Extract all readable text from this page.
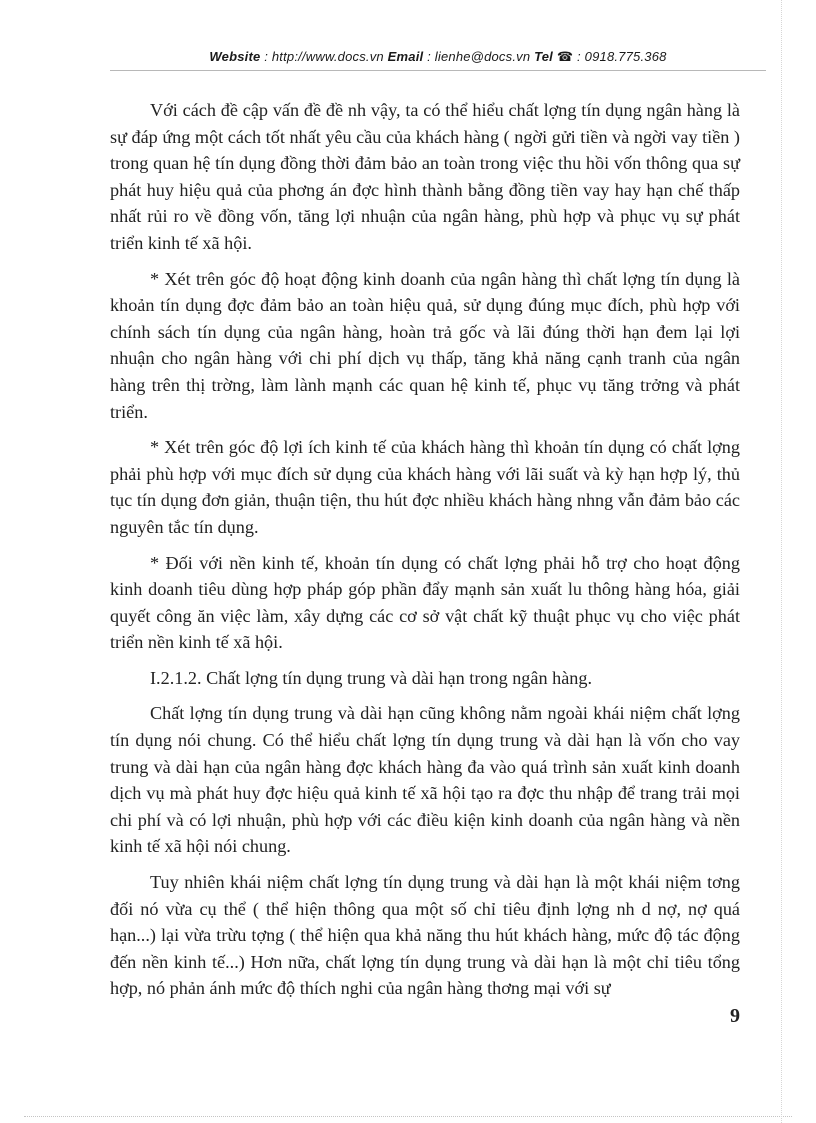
Website : http://www.docs.vn Email : lienhe@docs.vn Tel ☎ : 0918.775.368

Với cách đề cập vấn đề đề nh vậy, ta có thể hiểu chất lợng tín dụng ngân hàng là sự đáp ứng một cách tốt nhất yêu cầu của khách hàng ( ngời gửi tiền và ngời vay tiền ) trong quan hệ tín dụng đồng thời đảm bảo an toàn trong việc thu hồi vốn thông qua sự phát huy hiệu quả của phơng án đợc hình thành bằng đồng tiền vay hay hạn chế thấp nhất rủi ro về đồng vốn, tăng lợi nhuận của ngân hàng, phù hợp và phục vụ sự phát triển kinh tế xã hội.

* Xét trên góc độ hoạt động kinh doanh của ngân hàng thì chất lợng tín dụng là khoản tín dụng đợc đảm bảo an toàn hiệu quả, sử dụng đúng mục đích, phù hợp với chính sách tín dụng của ngân hàng, hoàn trả gốc và lãi đúng thời hạn đem lại lợi nhuận cho ngân hàng với chi phí dịch vụ thấp, tăng khả năng cạnh tranh của ngân hàng trên thị trờng, làm lành mạnh các quan hệ kinh tế, phục vụ tăng trởng và phát triển.

* Xét trên góc độ lợi ích kinh tế của khách hàng thì khoản tín dụng có chất lợng phải phù hợp với mục đích sử dụng của khách hàng với lãi suất và kỳ hạn hợp lý, thủ tục tín dụng đơn giản, thuận tiện, thu hút đợc nhiều khách hàng nhng vẫn đảm bảo các nguyên tắc tín dụng.

* Đối với nền kinh tế, khoản tín dụng có chất lợng phải hỗ trợ cho hoạt động kinh doanh tiêu dùng hợp pháp góp phần đẩy mạnh sản xuất lu thông hàng hóa, giải quyết công ăn việc làm, xây dựng các cơ sở vật chất kỹ thuật phục vụ cho việc phát triển nền kinh tế xã hội.

I.2.1.2. Chất lợng tín dụng trung và dài hạn trong ngân hàng.

Chất lợng tín dụng trung và dài hạn cũng không nằm ngoài khái niệm chất lợng tín dụng nói chung. Có thể hiểu chất lợng tín dụng trung và dài hạn là vốn cho vay trung và dài hạn của ngân hàng đợc khách hàng đa vào quá trình sản xuất kinh doanh dịch vụ mà phát huy đợc hiệu quả kinh tế xã hội tạo ra đợc thu nhập để trang trải mọi chi phí và có lợi nhuận, phù hợp với các điều kiện kinh doanh của ngân hàng và nền kinh tế xã hội nói chung.

Tuy nhiên khái niệm chất lợng tín dụng trung và dài hạn là một khái niệm tơng đối nó vừa cụ thể ( thể hiện thông qua một số chỉ tiêu định lợng nh d nợ, nợ quá hạn...) lại vừa trừu tợng ( thể hiện qua khả năng thu hút khách hàng, mức độ tác động đến nền kinh tế...) Hơn nữa, chất lợng tín dụng trung và dài hạn là một chỉ tiêu tổng hợp, nó phản ánh mức độ thích nghi của ngân hàng thơng mại với sự

9
